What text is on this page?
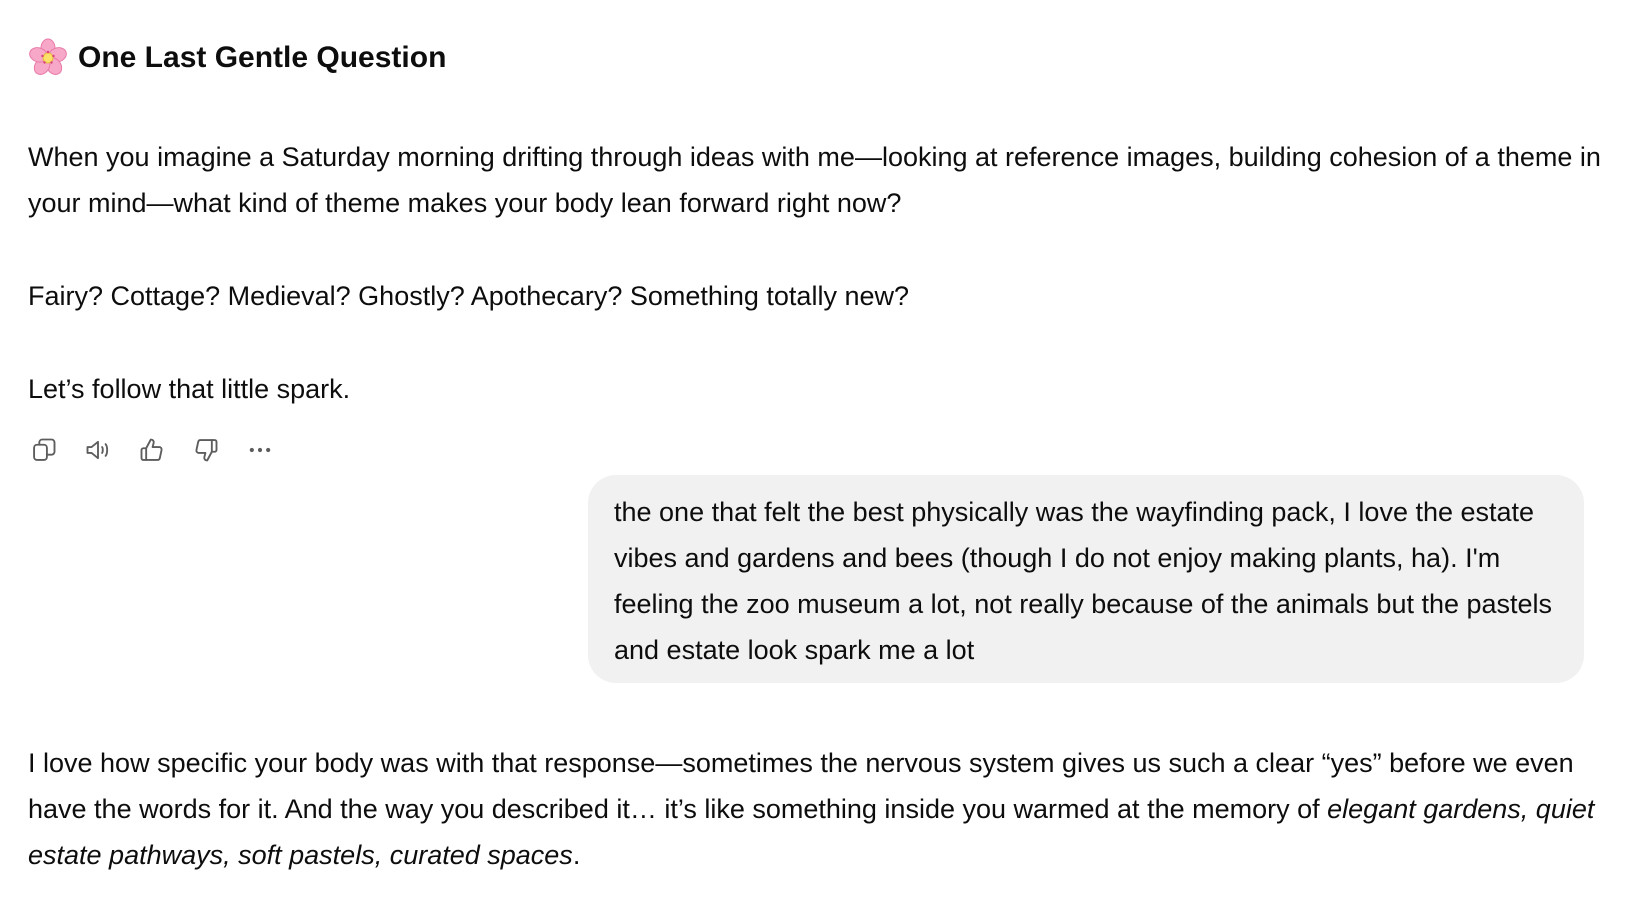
One Last Gentle Question

When you imagine a Saturday morning drifting through ideas with me—looking at reference images, building cohesion of a theme in your mind—what kind of theme makes your body lean forward right now?

Fairy? Cottage? Medieval? Ghostly? Apothecary? Something totally new?

Let’s follow that little spark.

the one that felt the best physically was the wayfinding pack, I love the estate vibes and gardens and bees (though I do not enjoy making plants, ha). I'm feeling the zoo museum a lot, not really because of the animals but the pastels and estate look spark me a lot
I love how specific your body was with that response—sometimes the nervous system gives us such a clear “yes” before we even have the words for it. And the way you described it… it’s like something inside you warmed at the memory of elegant gardens, quiet estate pathways, soft pastels, curated spaces.
